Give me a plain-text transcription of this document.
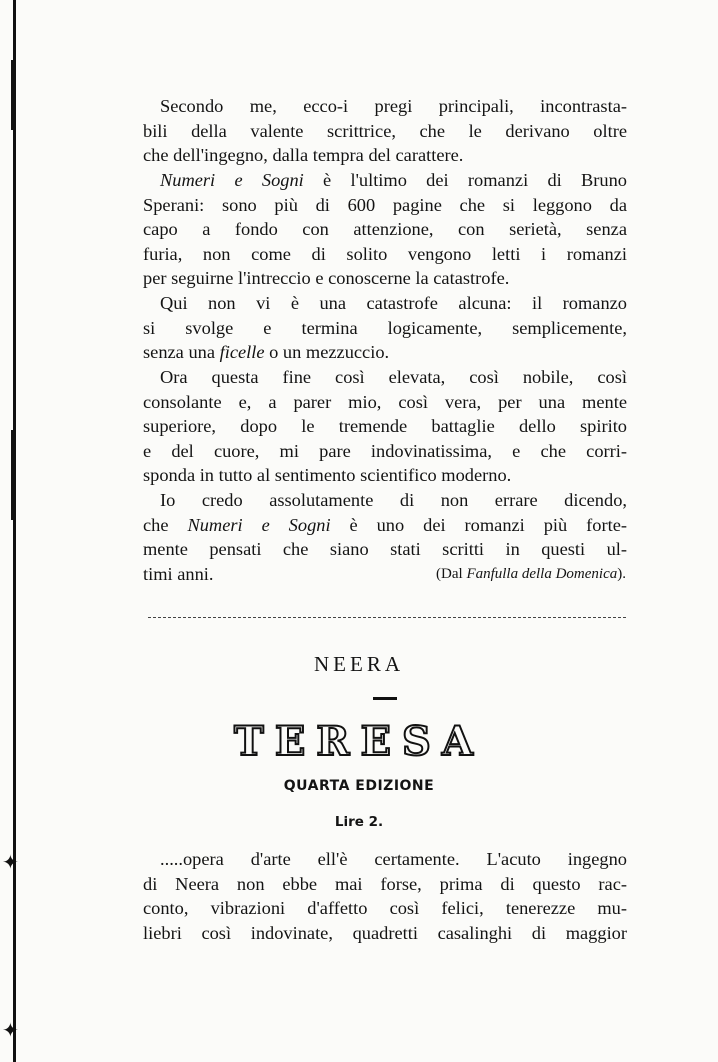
✦
✦

Secondo me, ecco-i pregi principali, incontrasta-
bili della valente scrittrice, che le derivano oltre
che dell'ingegno, dalla tempra del carattere.

Numeri e Sogni è l'ultimo dei romanzi di Bruno
Sperani: sono più di 600 pagine che si leggono da
capo a fondo con attenzione, con serietà, senza
furia, non come di solito vengono letti i romanzi
per seguirne l'intreccio e conoscerne la catastrofe.

Qui non vi è una catastrofe alcuna: il romanzo
si svolge e termina logicamente, semplicemente,
senza una ficelle o un mezzuccio.

Ora questa fine così elevata, così nobile, così
consolante e, a parer mio, così vera, per una mente
superiore, dopo le tremende battaglie dello spirito
e del cuore, mi pare indovinatissima, e che corri-
sponda in tutto al sentimento scientifico moderno.

Io credo assolutamente di non errare dicendo,
che Numeri e Sogni è uno dei romanzi più forte-
mente pensati che siano stati scritti in questi ul-
timi anni.	(Dal Fanfulla della Domenica).

NEERA

TERESA

QUARTA EDIZIONE

Lire 2.

.....opera d'arte ell'è certamente. L'acuto ingegno
di Neera non ebbe mai forse, prima di questo rac-
conto, vibrazioni d'affetto così felici, tenerezze mu-
liebri così indovinate, quadretti casalinghi di maggior
